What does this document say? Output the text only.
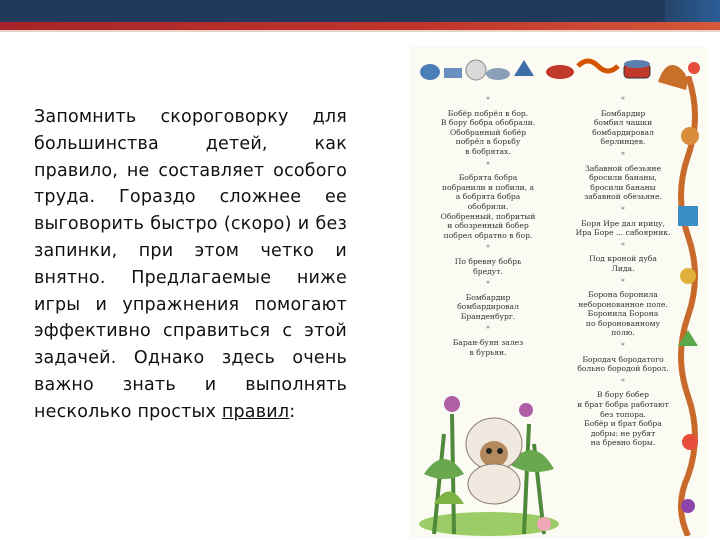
Запомнить скороговорку для большинства детей, как правило, не составляет особого труда. Гораздо сложнее ее выговорить быстро (скоро) и без запинки, при этом четко и внятно. Предлагаемые ниже игры и упражнения помогают эффективно справиться с этой задачей. Однако здесь очень важно знать и выполнять несколько простых правил:

*

Бобёр побрёл в бор.
В бору бобра обобрали.
Обобранный бобёр
побрёл в борьбу
в бобрятах.

*

Бобрята бобра
побранили и побили, а
а бобрята бобра
обобрили.
Обобренный, побритый
и обозренный бобер
побрел обратно в бор.

*

По бревну бобрь
бредут.

*

Бомбардир
бомбардировал
Бранденбург.

*

Баран-буян залез
в бурьян.

*

Бомбардир
бомбил чашки
бомбардировал
берлинцев.

*

Забавной обезьяне
бросили бананы,
бросили бананы
забавной обезьяне.

*

Боря Ире дал ирицу,
Ира Боре ... сабоярник.

*

Под кроной дуба
Лида.

*

Борона боронила
неборонованное поле.
Боронила Борона
по боронованному
полю.

*

Бородач бородатого
больно бородой борол.

*

В бору бобер
и брат бобра работают
без топора.
Бобёр и брат бобра
добры: не рубят
на бревно боры.
